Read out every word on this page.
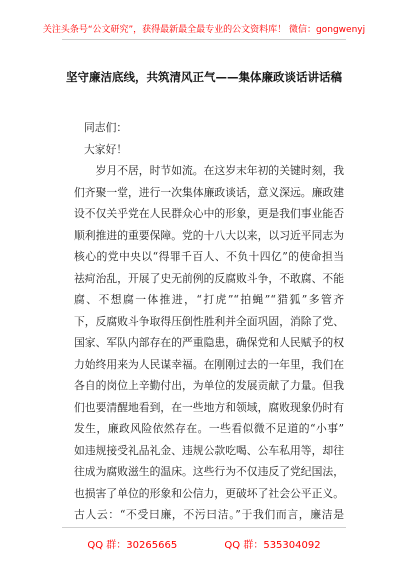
关注头条号“公文研究”，获得最新最全最专业的公文资料库！ 微信：gongwenyj
坚守廉洁底线，共筑清风正气——集体廉政谈话讲话稿
同志们：
大家好！
　　岁月不居，时节如流。在这岁末年初的关键时刻，我
们齐聚一堂，进行一次集体廉政谈话，意义深远。廉政建
设不仅关乎党在人民群众心中的形象，更是我们事业能否
顺利推进的重要保障。党的十八大以来，以习近平同志为
核心的党中央以“得罪千百人、不负十四亿”的使命担当
祛疴治乱，开展了史无前例的反腐败斗争，不敢腐、不能
腐、不想腐一体推进，“打虎”“拍蝇”“猎狐”多管齐
下，反腐败斗争取得压倒性胜利并全面巩固，消除了党、
国家、军队内部存在的严重隐患，确保党和人民赋予的权
力始终用来为人民谋幸福。在刚刚过去的一年里，我们在
各自的岗位上辛勤付出，为单位的发展贡献了力量。但我
们也要清醒地看到，在一些地方和领域，腐败现象仍时有
发生，廉政风险依然存在。一些看似微不足道的“小事”
如违规接受礼品礼金、违规公款吃喝、公车私用等，却往
往成为腐败滋生的温床。这些行为不仅违反了党纪国法，
也损害了单位的形象和公信力，更破坏了社会公平正义。
古人云：“不受曰廉，不污曰洁。”于我们而言，廉洁是
QQ 群：30265665	QQ 群：535304092
